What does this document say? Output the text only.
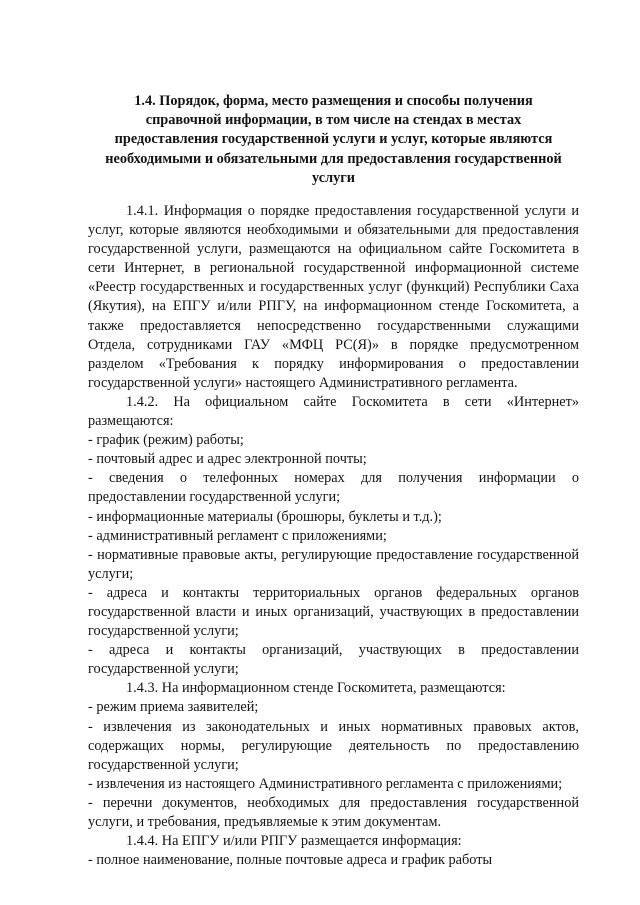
1.4. Порядок, форма, место размещения и способы получения справочной информации, в том числе на стендах в местах предоставления государственной услуги и услуг, которые являются необходимыми и обязательными для предоставления государственной услуги

1.4.1. Информация о порядке предоставления государственной услуги и услуг, которые являются необходимыми и обязательными для предоставления государственной услуги, размещаются на официальном сайте Госкомитета в сети Интернет, в региональной государственной информационной системе «Реестр государственных и государственных услуг (функций) Республики Саха (Якутия), на ЕПГУ и/или РПГУ, на информационном стенде Госкомитета, а также предоставляется непосредственно государственными служащими Отдела, сотрудниками ГАУ «МФЦ РС(Я)» в порядке предусмотренном разделом «Требования к порядку информирования о предоставлении государственной услуги» настоящего Административного регламента.

1.4.2. На официальном сайте Госкомитета в сети «Интернет» размещаются:

- график (режим) работы;

- почтовый адрес и адрес электронной почты;

- сведения о телефонных номерах для получения информации о предоставлении государственной услуги;

- информационные материалы (брошюры, буклеты и т.д.);

- административный регламент с приложениями;

- нормативные правовые акты, регулирующие предоставление государственной услуги;

- адреса и контакты территориальных органов федеральных органов государственной власти и иных организаций, участвующих в предоставлении государственной услуги;

- адреса и контакты организаций, участвующих в предоставлении государственной услуги;

1.4.3. На информационном стенде Госкомитета, размещаются:

- режим приема заявителей;

- извлечения из законодательных и иных нормативных правовых актов, содержащих нормы, регулирующие деятельность по предоставлению государственной услуги;

- извлечения из настоящего Административного регламента с приложениями;

- перечни документов, необходимых для предоставления государственной услуги, и требования, предъявляемые к этим документам.

1.4.4. На ЕПГУ и/или РПГУ размещается информация:

- полное наименование, полные почтовые адреса и график работы
